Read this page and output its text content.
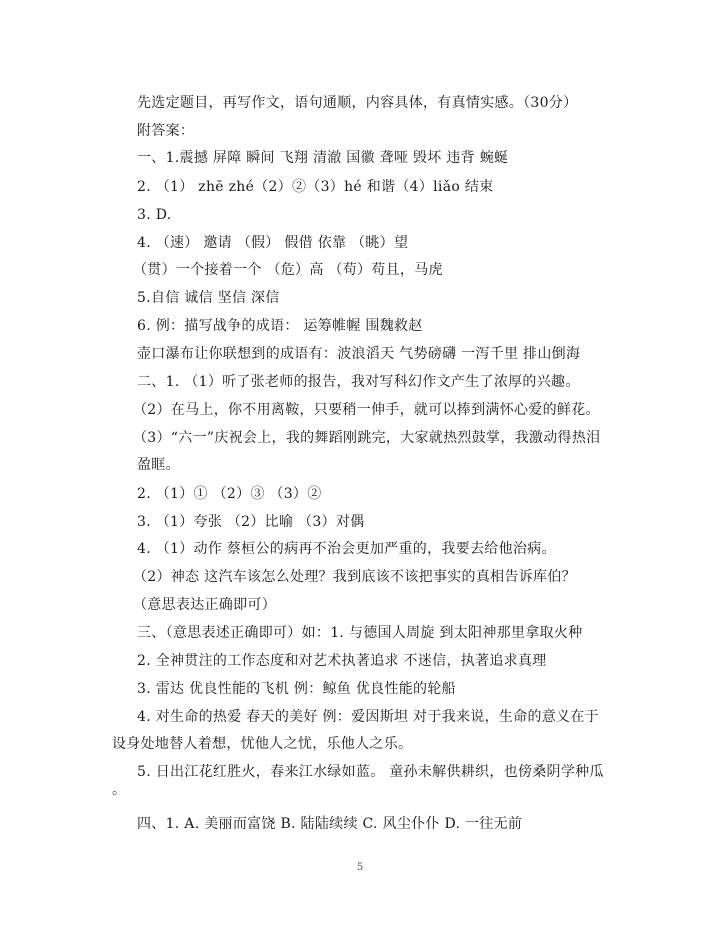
先选定题目，再写作文，语句通顺，内容具体，有真情实感。（30分）
附答案：
一、1.震撼 屏障 瞬间 飞翔 清澈 国徽 聋哑 毁坏 违背 蜿蜒
2. （1） zhē zhé（2）②（3）hé 和谐（4）liǎo 结束
3. D.
4. （速） 邀请 （假） 假借 依靠 （眺）望
（贯）一个接着一个 （危）高 （苟）苟且，马虎
5.自信 诚信 坚信 深信
6. 例：描写战争的成语： 运筹帷幄 围魏救赵
壶口瀑布让你联想到的成语有：波浪滔天 气势磅礴 一泻千里 排山倒海
二、1. （1）听了张老师的报告，我对写科幻作文产生了浓厚的兴趣。
（2）在马上，你不用离鞍，只要稍一伸手，就可以捧到满怀心爱的鲜花。
（3）“六一”庆祝会上，我的舞蹈刚跳完，大家就热烈鼓掌，我激动得热泪
盈眶。
2. （1）① （2）③ （3）②
3. （1）夸张 （2）比喻 （3）对偶
4. （1）动作 蔡桓公的病再不治会更加严重的，我要去给他治病。
（2）神态 这汽车该怎么处理？我到底该不该把事实的真相告诉库伯？
（意思表达正确即可）
三、（意思表述正确即可）如：1. 与德国人周旋 到太阳神那里拿取火种
2. 全神贯注的工作态度和对艺术执著追求 不迷信，执著追求真理
3. 雷达 优良性能的飞机 例：鲸鱼 优良性能的轮船
4. 对生命的热爱 春天的美好 例：爱因斯坦 对于我来说，生命的意义在于
设身处地替人着想，忧他人之忧，乐他人之乐。
5. 日出江花红胜火，春来江水绿如蓝。 童孙未解供耕织，也傍桑阴学种瓜
。
四、1. A. 美丽而富饶 B. 陆陆续续 C. 风尘仆仆 D. 一往无前
5
